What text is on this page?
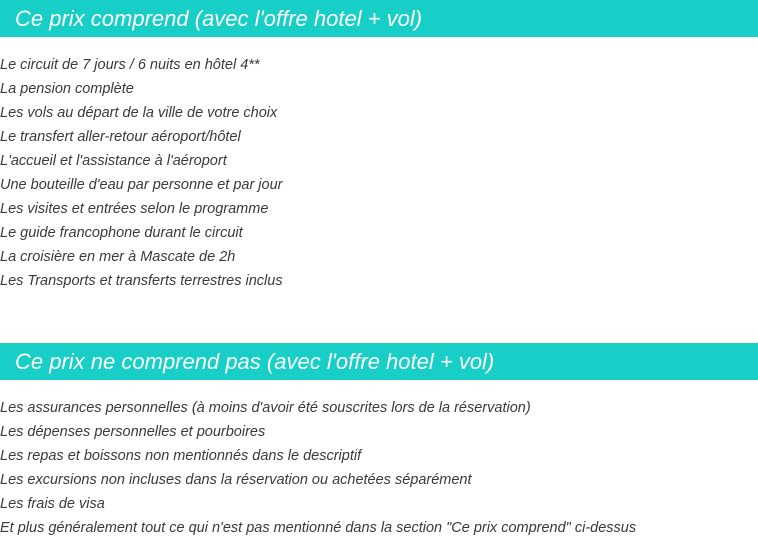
Ce prix comprend (avec l'offre hotel + vol)
Le circuit de 7 jours / 6 nuits en hôtel 4**
La pension complète
Les vols au départ de la ville de votre choix
Le transfert aller-retour aéroport/hôtel
L'accueil et l'assistance à l'aéroport
Une bouteille d'eau par personne et par jour
Les visites et entrées selon le programme
Le guide francophone durant le circuit
La croisière en mer à Mascate de 2h
Les Transports et transferts terrestres inclus
Ce prix ne comprend pas (avec l'offre hotel + vol)
Les assurances personnelles (à moins d'avoir été souscrites lors de la réservation)
Les dépenses personnelles et pourboires
Les repas et boissons non mentionnés dans le descriptif
Les excursions non incluses dans la réservation ou achetées séparément
Les frais de visa
Et plus généralement tout ce qui n'est pas mentionné dans la section "Ce prix comprend" ci-dessus
